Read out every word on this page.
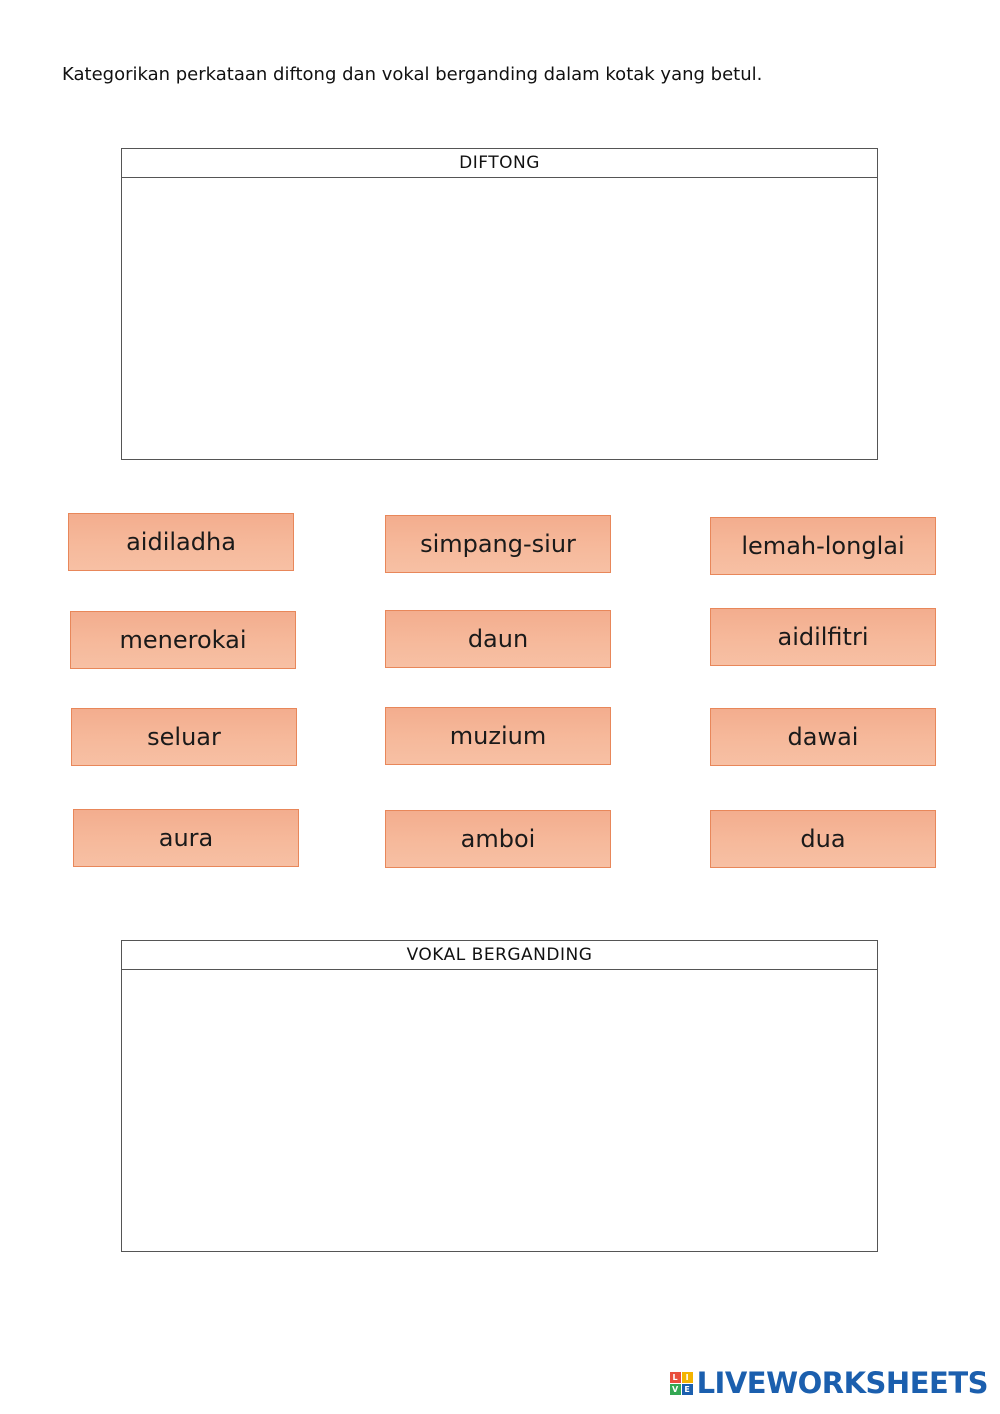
Kategorikan perkataan diftong dan vokal berganding dalam kotak yang betul.
DIFTONG
aidiladha	simpang-siur	lemah-longlai
menerokai	daun	aidilfitri
seluar	muzium	dawai
aura	amboi	dua
VOKAL BERGANDING
L I
V E LIVEWORKSHEETS
